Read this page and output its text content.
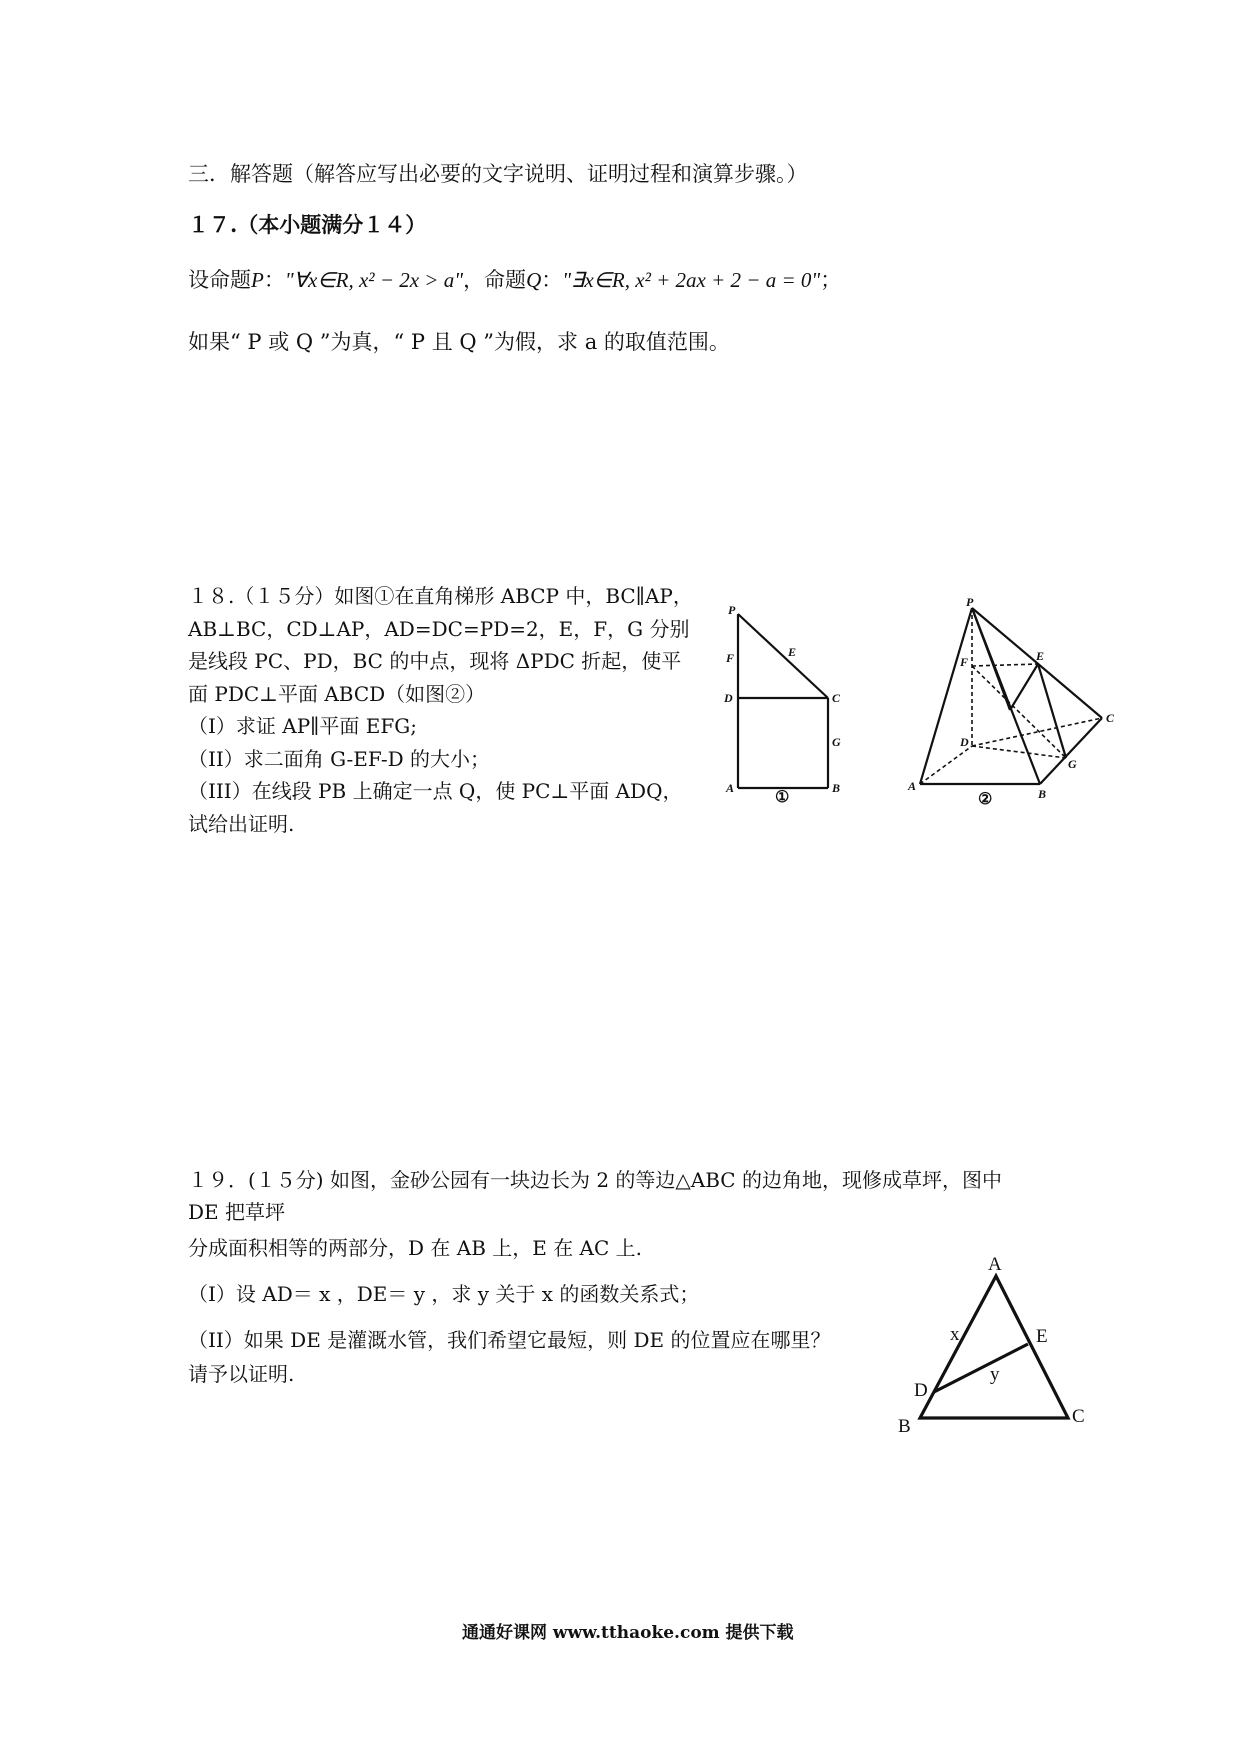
三．解答题（解答应写出必要的文字说明、证明过程和演算步骤。）
１７.（本小题满分１４）
设命题P："∀x∈R, x² − 2x > a"，命题Q："∃x∈R, x² + 2ax + 2 − a = 0"；
如果“ P 或 Q ”为真，“ P 且 Q ”为假，求 a 的取值范围。
１８.（１５分）如图①在直角梯形 ABCP 中，BC∥AP，
AB⊥BC，CD⊥AP，AD=DC=PD=2，E，F，G 分别
是线段 PC、PD，BC 的中点，现将 ΔPDC 折起，使平
面 PDC⊥平面 ABCD（如图②）
（I）求证 AP∥平面 EFG;
（II）求二面角 G-EF-D 的大小；
（III）在线段 PB 上确定一点 Q，使 PC⊥平面 ADQ，
试给出证明.
P
F	E
D	C
G
A	B
①
P
F	E
D
C
G
A
B
②
１９．(１５分) 如图，金砂公园有一块边长为 2 的等边△ABC 的边角地，现修成草坪，图中
DE 把草坪
分成面积相等的两部分，D 在 AB 上，E 在 AC 上.
（I）设 AD＝ x ，DE＝ y ，求 y 关于 x 的函数关系式；
（II）如果 DE 是灌溉水管，我们希望它最短，则 DE 的位置应在哪里？
请予以证明.
A
B	C
D
E
x
y
通通好课网 www.tthaoke.com 提供下载
